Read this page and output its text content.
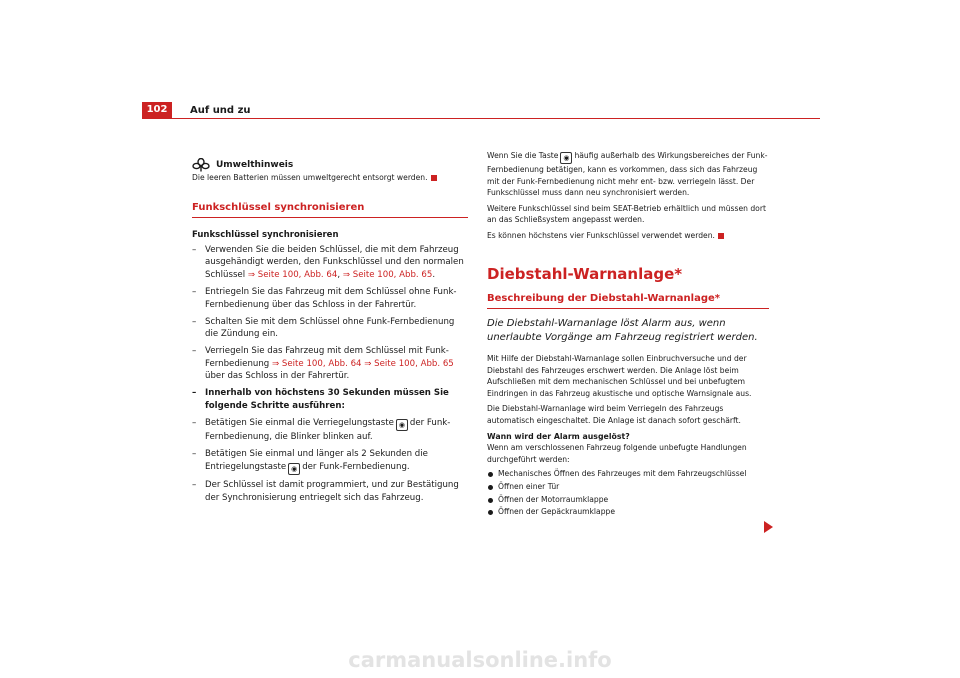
102	Auf und zu
Umwelthinweis

Die leeren Batterien müssen umweltgerecht entsorgt werden.

Funkschlüssel synchronisieren
Funkschlüssel synchronisieren
– Verwenden Sie die beiden Schlüssel, die mit dem Fahrzeug ausgehändigt werden, den Funkschlüssel und den normalen Schlüssel ⇒ Seite 100, Abb. 64, ⇒ Seite 100, Abb. 65.
– Entriegeln Sie das Fahrzeug mit dem Schlüssel ohne Funk-Fernbedienung über das Schloss in der Fahrertür.
– Schalten Sie mit dem Schlüssel ohne Funk-Fernbedienung die Zündung ein.
– Verriegeln Sie das Fahrzeug mit dem Schlüssel mit Funk-Fernbedienung ⇒ Seite 100, Abb. 64 ⇒ Seite 100, Abb. 65 über das Schloss in der Fahrertür.
– Innerhalb von höchstens 30 Sekunden müssen Sie folgende Schritte ausführen:
– Betätigen Sie einmal die Verriegelungstaste ◉ der Funk-Fernbedienung, die Blinker blinken auf.
– Betätigen Sie einmal und länger als 2 Sekunden die Entriegelungstaste ◉ der Funk-Fernbedienung.
– Der Schlüssel ist damit programmiert, und zur Bestätigung der Synchronisierung entriegelt sich das Fahrzeug.

Wenn Sie die Taste ◉ häufig außerhalb des Wirkungsbereiches der Funk-Fernbedienung betätigen, kann es vorkommen, dass sich das Fahrzeug mit der Funk-Fernbedienung nicht mehr ent- bzw. verriegeln lässt. Der Funkschlüssel muss dann neu synchronisiert werden.

Weitere Funkschlüssel sind beim SEAT-Betrieb erhältlich und müssen dort an das Schließsystem angepasst werden.

Es können höchstens vier Funkschlüssel verwendet werden.

Diebstahl-Warnanlage*
Beschreibung der Diebstahl-Warnanlage*

Die Diebstahl-Warnanlage löst Alarm aus, wenn unerlaubte Vorgänge am Fahrzeug registriert werden.

Mit Hilfe der Diebstahl-Warnanlage sollen Einbruchversuche und der Diebstahl des Fahrzeuges erschwert werden. Die Anlage löst beim Aufschließen mit dem mechanischen Schlüssel und bei unbefugtem Eindringen in das Fahrzeug akustische und optische Warnsignale aus.

Die Diebstahl-Warnanlage wird beim Verriegeln des Fahrzeugs automatisch eingeschaltet. Die Anlage ist danach sofort geschärft.

Wann wird der Alarm ausgelöst?

Wenn am verschlossenen Fahrzeug folgende unbefugte Handlungen durchgeführt werden:

Mechanisches Öffnen des Fahrzeuges mit dem Fahrzeugschlüssel
Öffnen einer Tür
Öffnen der Motorraumklappe
Öffnen der Gepäckraumklappe
carmanualsonline.info
